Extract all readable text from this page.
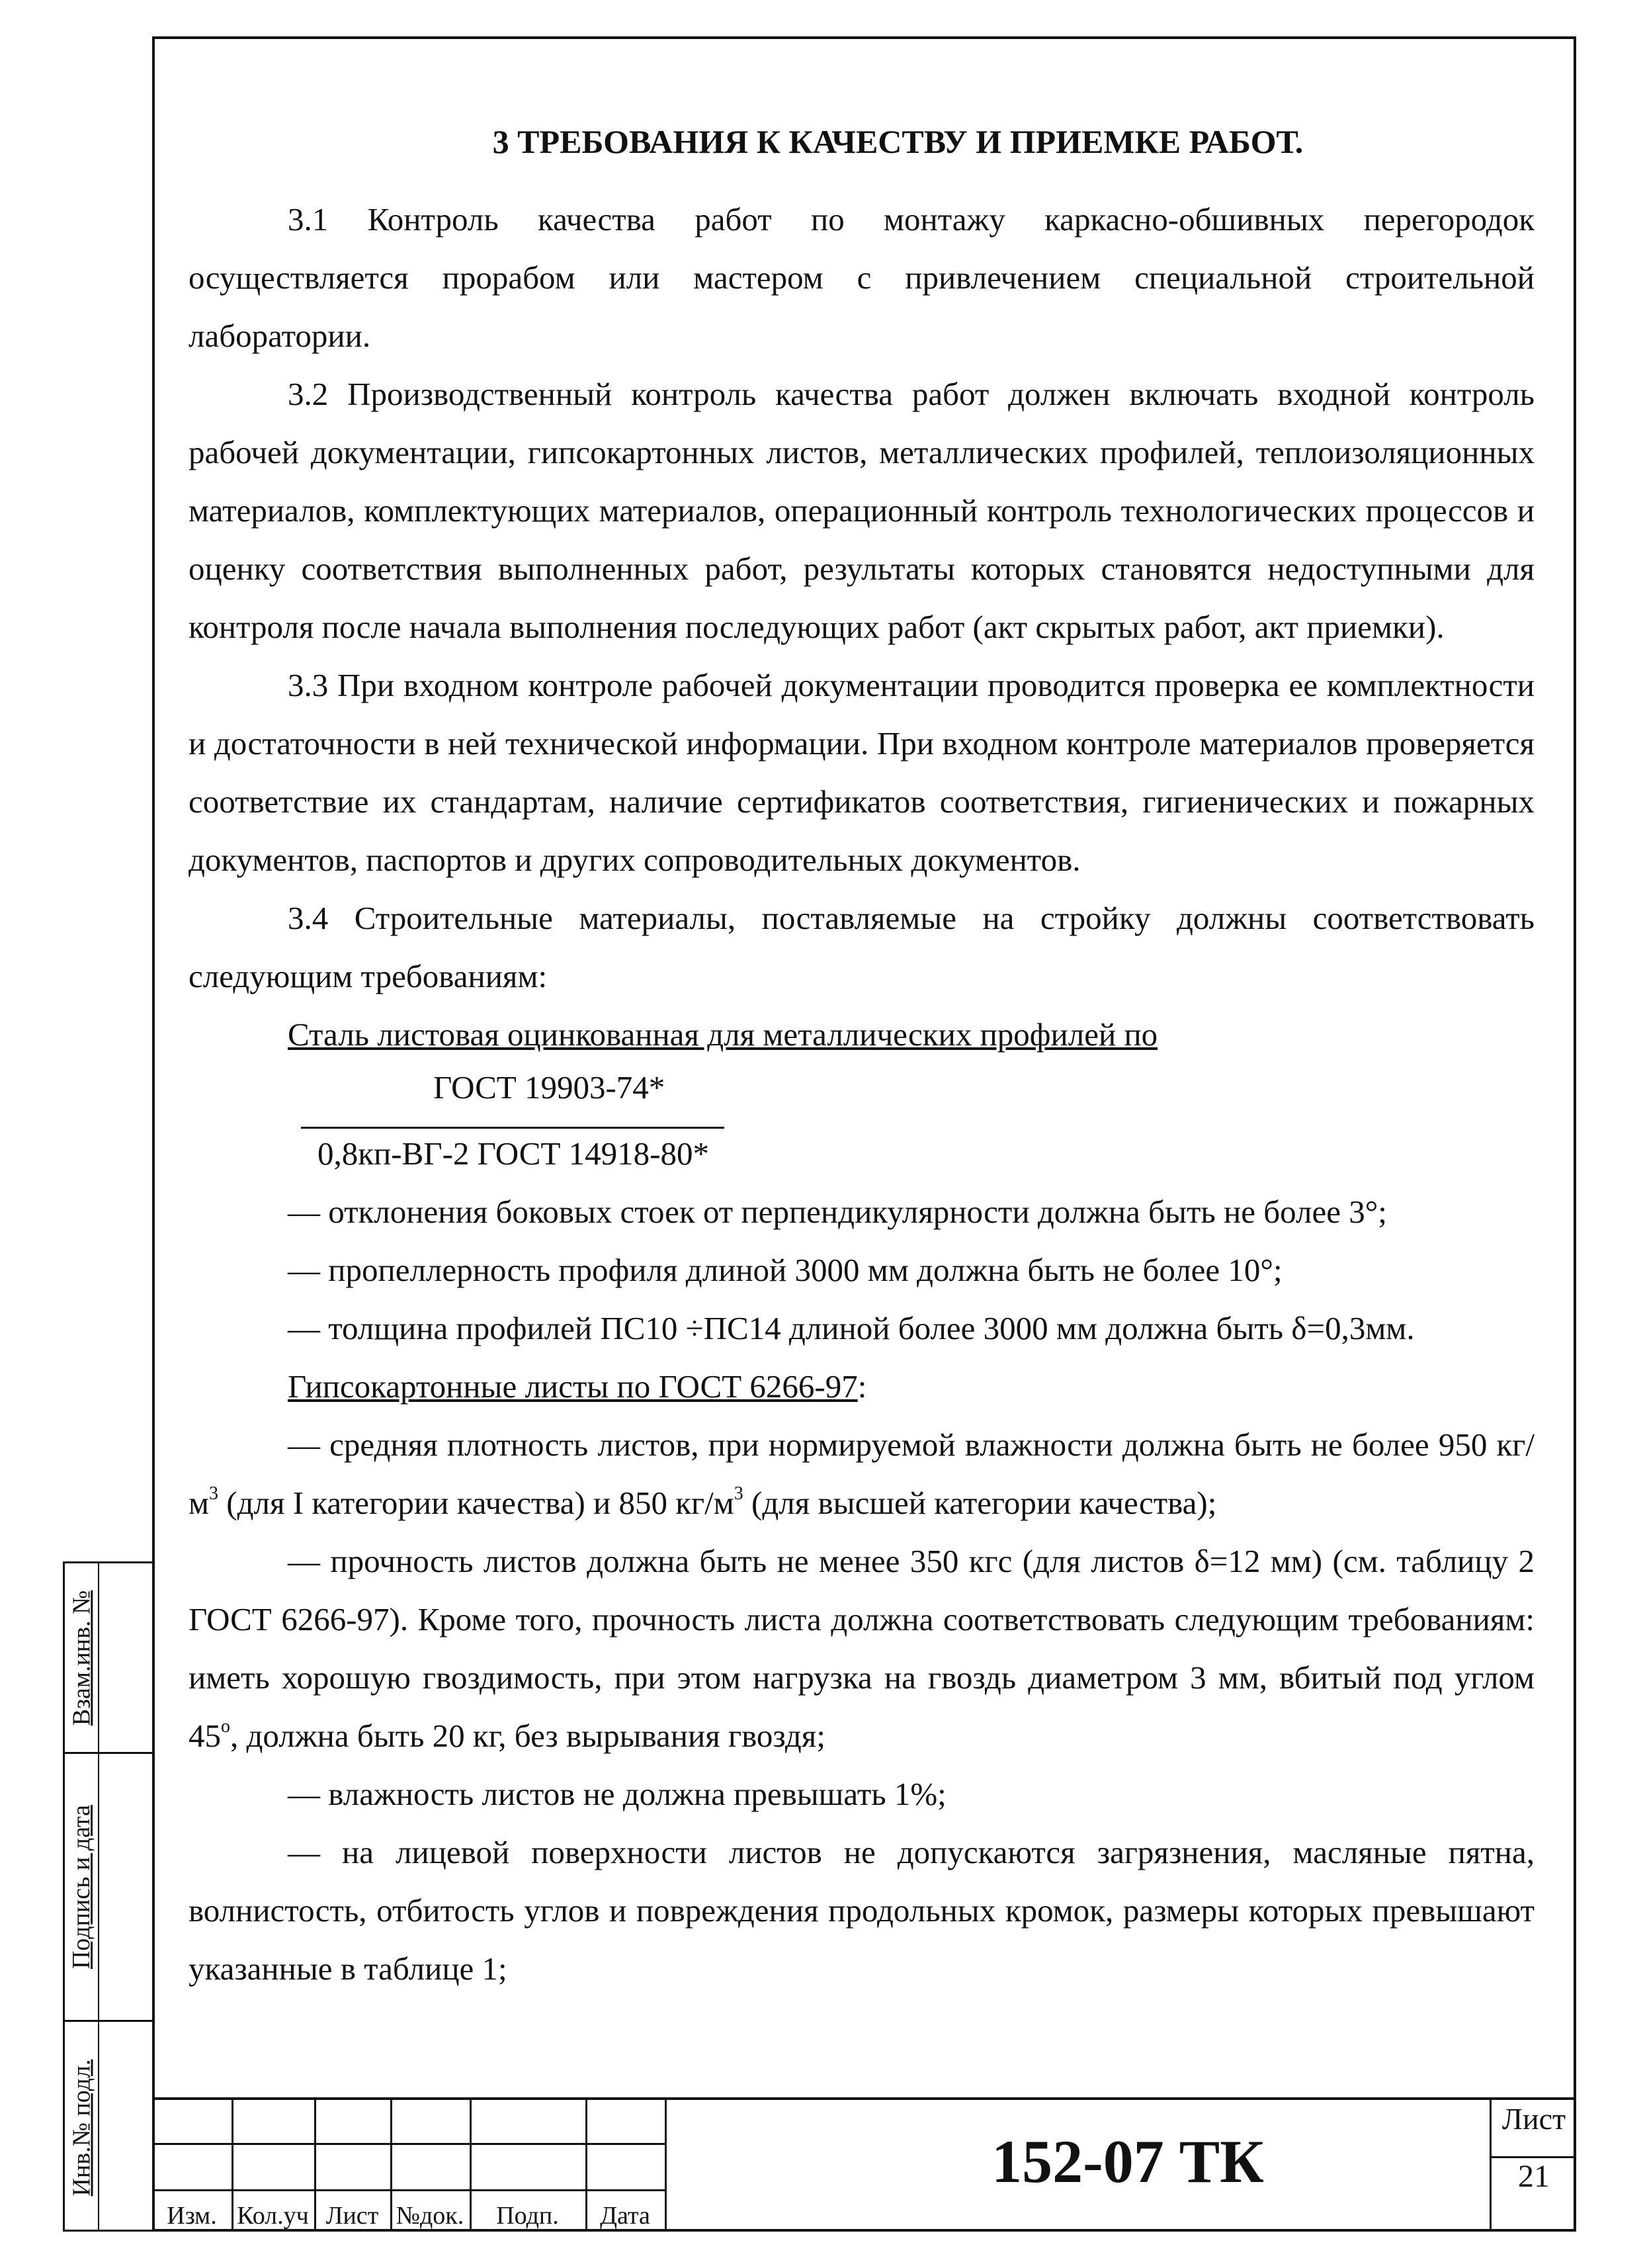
3 ТРЕБОВАНИЯ К КАЧЕСТВУ И ПРИЕМКЕ РАБОТ.

3.1 Контроль качества работ по монтажу каркасно-обшивных перегородок осуществляется прорабом или мастером с привлечением специальной строительной лаборатории.

3.2 Производственный контроль качества работ должен включать входной контроль рабочей документации, гипсокартонных листов, металлических профилей, теплоизоляционных материалов, комплектующих материалов, операционный контроль технологических процессов и оценку соответствия выполненных работ, результаты которых становятся недоступными для контроля после начала выполнения последующих работ (акт скрытых работ, акт приемки).

3.3 При входном контроле рабочей документации проводится проверка ее комплектности и достаточности в ней технической информации. При входном контроле материалов проверяется соответствие их стандартам, наличие сертификатов соответствия, гигиенических и пожарных документов, паспортов и других сопроводительных документов.

3.4 Строительные материалы, поставляемые на стройку должны соответствовать следующим требованиям:

Сталь листовая оцинкованная для металлических профилей по
ГОСТ 19903-74*
0,8кп-ВГ-2 ГОСТ 14918-80*

— отклонения боковых стоек от перпендикулярности должна быть не более 3°;

— пропеллерность профиля длиной 3000 мм должна быть не более 10°;

— толщина профилей ПС10 ÷ПС14 длиной более 3000 мм должна быть δ=0,3мм.

Гипсокартонные листы по ГОСТ 6266-97:

— средняя плотность листов, при нормируемой влажности должна быть не более 950 $кг/м^3$ (для I категории качества) и 850 $кг/м^3$ (для высшей категории качества);

— прочность листов должна быть не менее 350 кгс (для листов δ=12 мм) (см. таблицу 2 ГОСТ 6266-97). Кроме того, прочность листа должна соответствовать следующим требованиям: иметь хорошую гвоздимость, при этом нагрузка на гвоздь диаметром 3 мм, вбитый под углом 45$^o$, должна быть 20 кг, без вырывания гвоздя;

— влажность листов не должна превышать 1%;

— на лицевой поверхности листов не допускаются загрязнения, масляные пятна, волнистость, отбитость углов и повреждения продольных кромок, размеры которых превышают указанные в таблице 1;

Взам.инв. №
Подпись и дата
Инв.№ подл.
Изм. Кол.уч Лист №док.	Подп.	Дата
152-07 ТК
Лист
21
